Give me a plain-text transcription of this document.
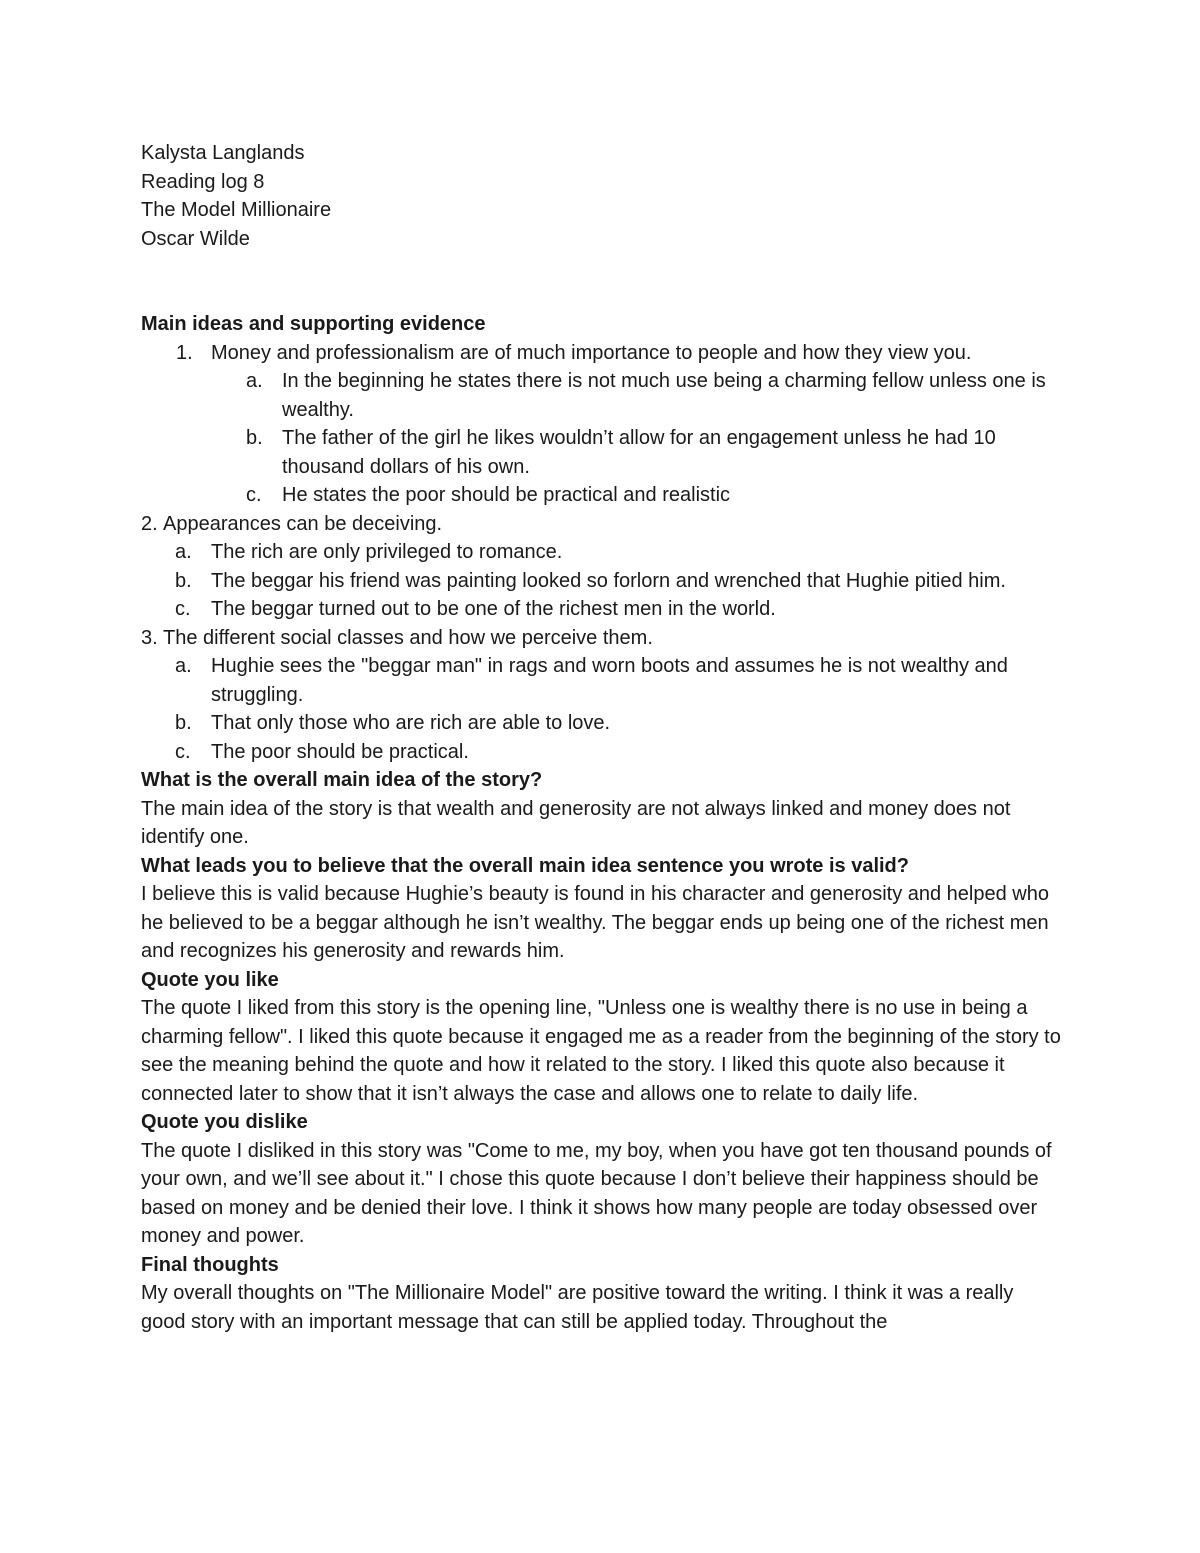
Kalysta Langlands
Reading log 8
The Model Millionaire
Oscar Wilde
Main ideas and supporting evidence
1. Money and professionalism are of much importance to people and how they view you.
a. In the beginning he states there is not much use being a charming fellow unless one is wealthy.
b. The father of the girl he likes wouldn’t allow for an engagement unless he had 10 thousand dollars of his own.
c. He states the poor should be practical and realistic
2. Appearances can be deceiving.
a. The rich are only privileged to romance.
b. The beggar his friend was painting looked so forlorn and wrenched that Hughie pitied him.
c. The beggar turned out to be one of the richest men in the world.
3. The different social classes and how we perceive them.
a. Hughie sees the "beggar man" in rags and worn boots and assumes he is not wealthy and struggling.
b. That only those who are rich are able to love.
c. The poor should be practical.
What is the overall main idea of the story?

The main idea of the story is that wealth and generosity are not always linked and money does not identify one.

What leads you to believe that the overall main idea sentence you wrote is valid?

I believe this is valid because Hughie’s beauty is found in his character and generosity and helped who he believed to be a beggar although he isn’t wealthy. The beggar ends up being one of the richest men and recognizes his generosity and rewards him.

Quote you like

The quote I liked from this story is the opening line, "Unless one is wealthy there is no use in being a charming fellow". I liked this quote because it engaged me as a reader from the beginning of the story to see the meaning behind the quote and how it related to the story. I liked this quote also because it connected later to show that it isn’t always the case and allows one to relate to daily life.

Quote you dislike

The quote I disliked in this story was "Come to me, my boy, when you have got ten thousand pounds of your own, and we’ll see about it." I chose this quote because I don’t believe their happiness should be based on money and be denied their love. I think it shows how many people are today obsessed over money and power.

Final thoughts

My overall thoughts on "The Millionaire Model" are positive toward the writing. I think it was a really good story with an important message that can still be applied today. Throughout the
